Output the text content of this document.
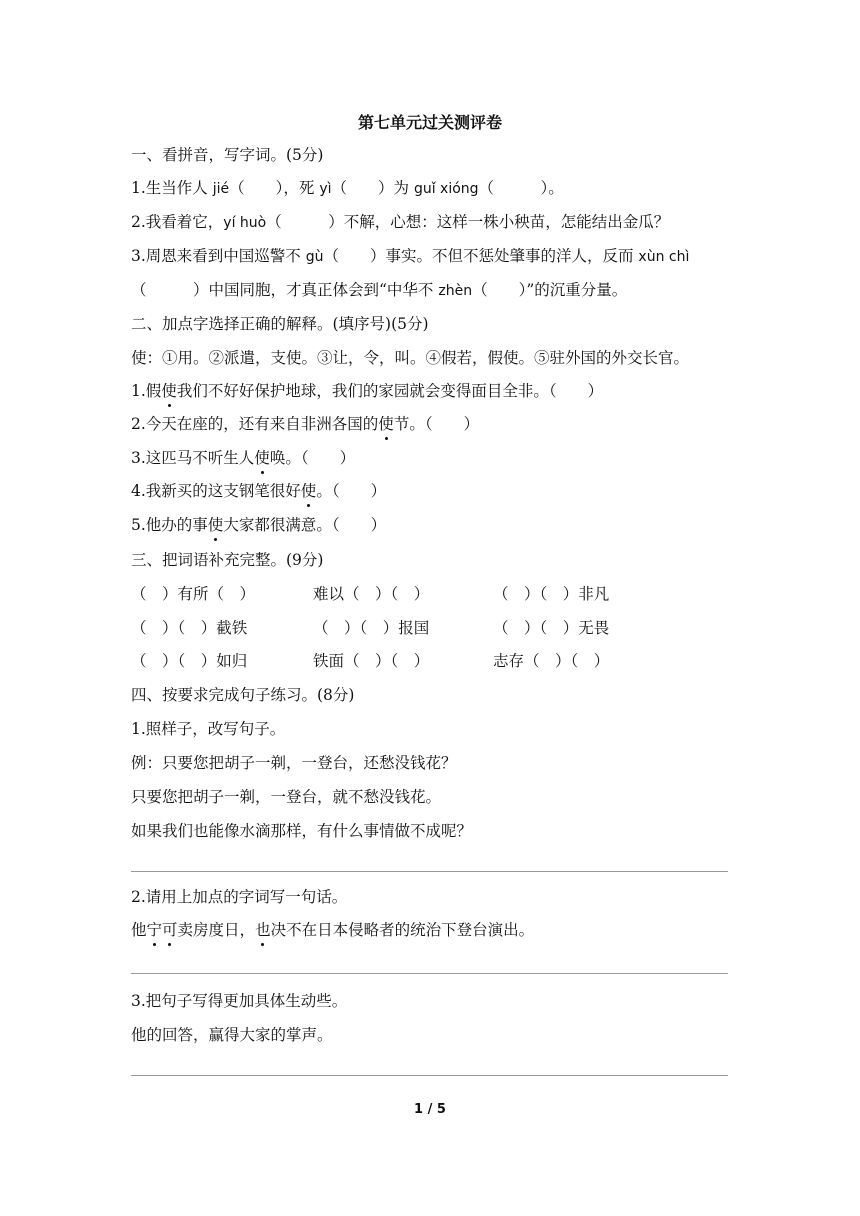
第七单元过关测评卷
一、看拼音，写字词。(5分)
1.生当作人 jié（　　），死 yì（　　）为 guǐ xióng（　　　）。
2.我看着它，yí huò（　　　）不解，心想：这样一株小秧苗，怎能结出金瓜？
3.周恩来看到中国巡警不 gù（　　）事实。不但不惩处肇事的洋人，反而 xùn chì
（　　　）中国同胞，才真正体会到“中华不 zhèn（　　）”的沉重分量。
二、加点字选择正确的解释。(填序号)(5分)
使：①用。②派遣，支使。③让，令，叫。④假若，假使。⑤驻外国的外交长官。
1.假使我们不好好保护地球，我们的家园就会变得面目全非。（　　）
2.今天在座的，还有来自非洲各国的使节。（　　）
3.这匹马不听生人使唤。（　　）
4.我新买的这支钢笔很好使。（　　）
5.他办的事使大家都很满意。（　　）
三、把词语补充完整。(9分)
（　）有所（　）	难以（　）（　）	（　）（　）非凡
（　）（　）截铁	（　）（　）报国	（　）（　）无畏
（　）（　）如归	铁面（　）（　）	志存（　）（　）
四、按要求完成句子练习。(8分)
1.照样子，改写句子。
例：只要您把胡子一剃，一登台，还愁没钱花？
只要您把胡子一剃，一登台，就不愁没钱花。
如果我们也能像水滴那样，有什么事情做不成呢？
2.请用上加点的字词写一句话。
他宁可卖房度日，也决不在日本侵略者的统治下登台演出。
3.把句子写得更加具体生动些。
他的回答，赢得大家的掌声。
1 / 5
